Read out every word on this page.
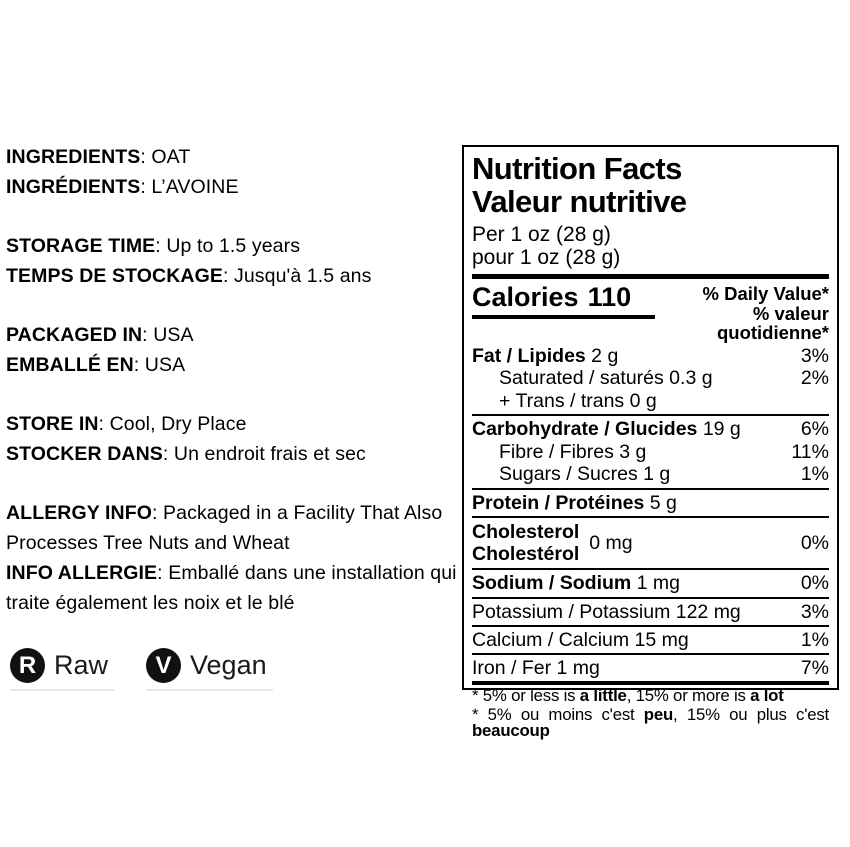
INGREDIENTS: OAT
INGRÉDIENTS: L’AVOINE
STORAGE TIME: Up to 1.5 years
TEMPS DE STOCKAGE: Jusqu'à 1.5 ans
PACKAGED IN: USA
EMBALLÉ EN: USA
STORE IN: Cool, Dry Place
STOCKER DANS: Un endroit frais et sec
ALLERGY INFO: Packaged in a Facility That Also Processes Tree Nuts and Wheat
INFO ALLERGIE: Emballé dans une installation qui traite également les noix et le blé
R Raw V Vegan
Nutrition Facts
Valeur nutritive
Per 1 oz (28 g)
pour 1 oz (28 g)
Calories 110	% Daily Value*
% valeur quotidienne*
Fat / Lipides 2 g	3%
Saturated / saturés 0.3 g	2%
+ Trans / trans 0 g
Carbohydrate / Glucides 19 g	6%
Fibre / Fibres 3 g	11%
Sugars / Sucres 1 g	1%
Protein / Protéines 5 g
Cholesterol
Cholestérol 0 mg	0%
Sodium / Sodium 1 mg	0%
Potassium / Potassium 122 mg	3%
Calcium / Calcium 15 mg	1%
Iron / Fer 1 mg	7%
* 5% or less is a little, 15% or more is a lot
* 5% ou moins c'est peu, 15% ou plus c'est beaucoup
